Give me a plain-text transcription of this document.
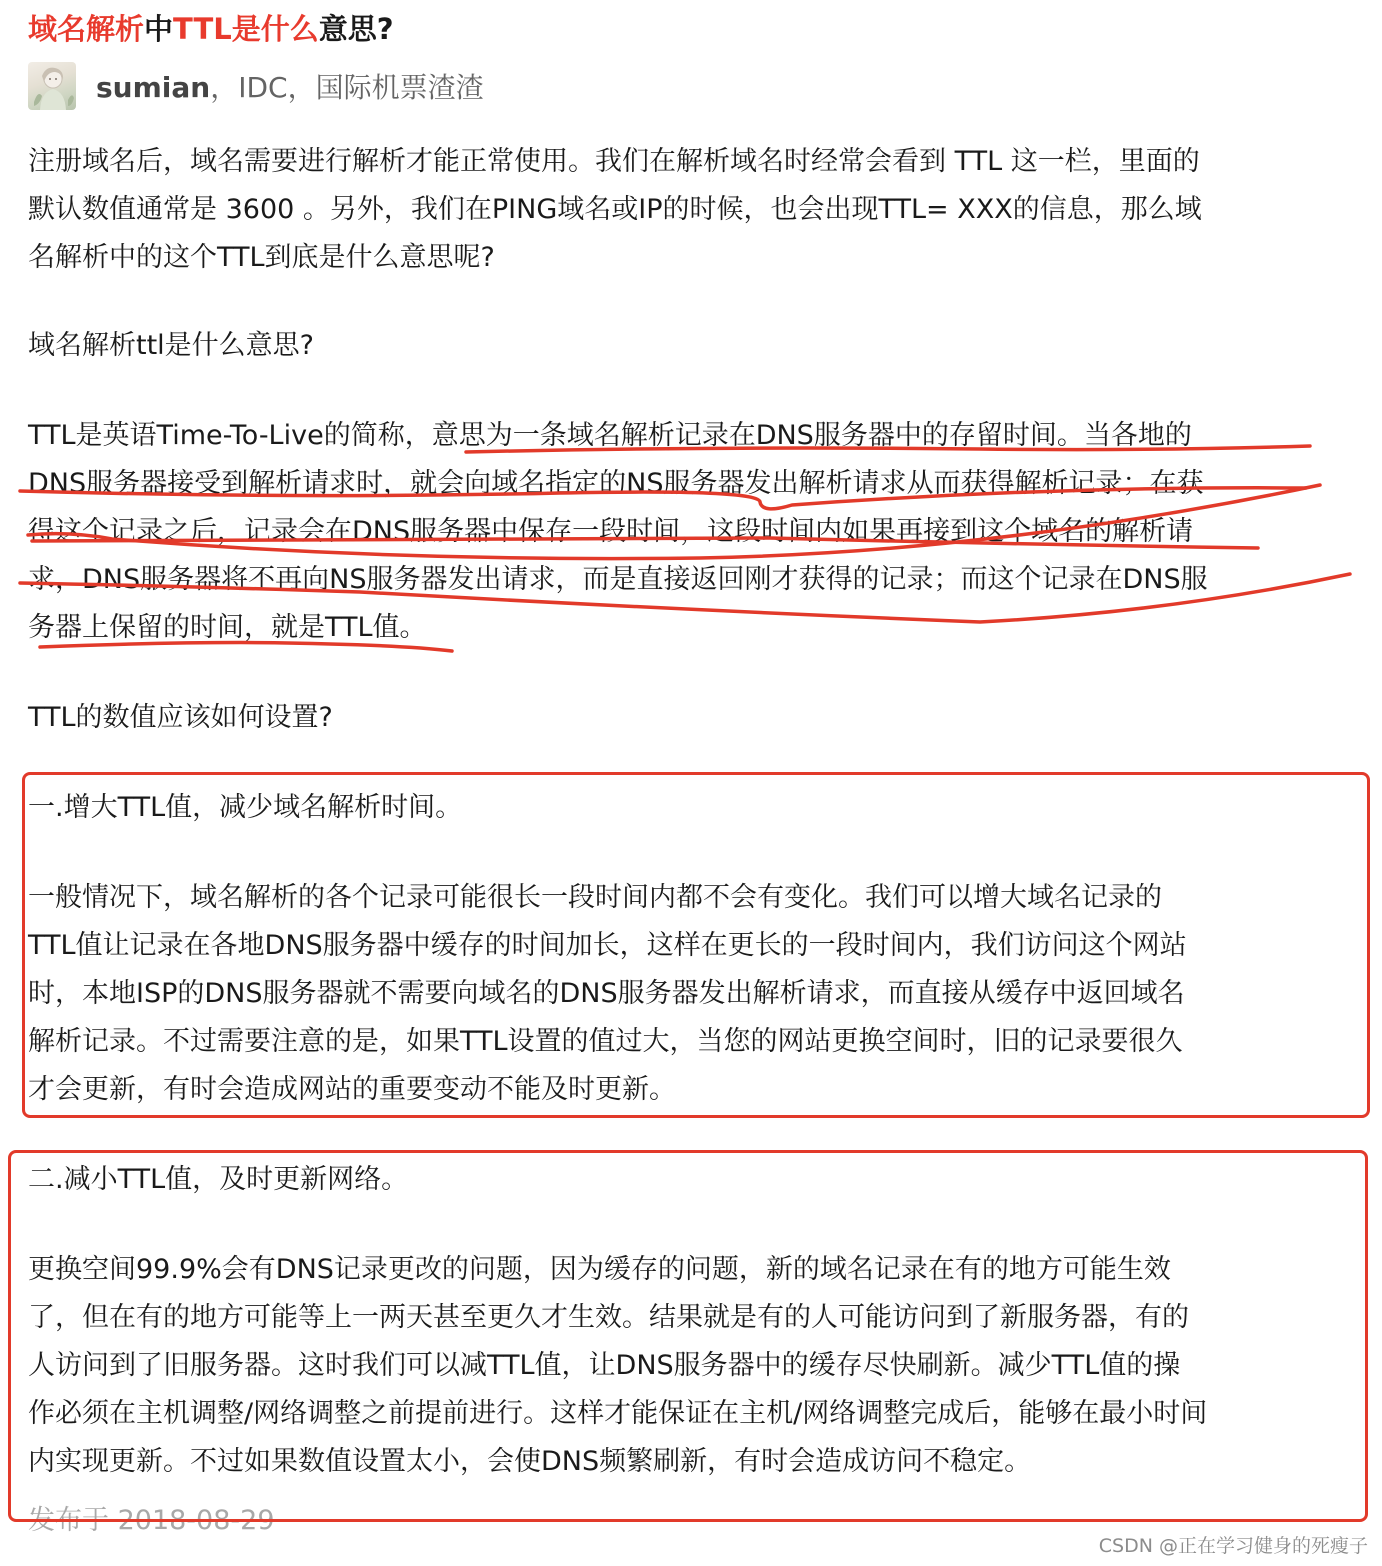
域名解析中TTL是什么意思?
sumian，IDC，国际机票渣渣

注册域名后，域名需要进行解析才能正常使用。我们在解析域名时经常会看到 TTL 这一栏，里面的
默认数值通常是 3600 。另外，我们在PING域名或IP的时候，也会出现TTL= XXX的信息，那么域
名解析中的这个TTL到底是什么意思呢?

域名解析ttl是什么意思?

TTL是英语Time-To-Live的简称，意思为一条域名解析记录在DNS服务器中的存留时间。当各地的
DNS服务器接受到解析请求时，就会向域名指定的NS服务器发出解析请求从而获得解析记录；在获
得这个记录之后，记录会在DNS服务器中保存一段时间，这段时间内如果再接到这个域名的解析请
求，DNS服务器将不再向NS服务器发出请求，而是直接返回刚才获得的记录；而这个记录在DNS服
务器上保留的时间，就是TTL值。

TTL的数值应该如何设置?

一.增大TTL值，减少域名解析时间。

一般情况下，域名解析的各个记录可能很长一段时间内都不会有变化。我们可以增大域名记录的
TTL值让记录在各地DNS服务器中缓存的时间加长，这样在更长的一段时间内，我们访问这个网站
时，本地ISP的DNS服务器就不需要向域名的DNS服务器发出解析请求，而直接从缓存中返回域名
解析记录。不过需要注意的是，如果TTL设置的值过大，当您的网站更换空间时，旧的记录要很久
才会更新，有时会造成网站的重要变动不能及时更新。

二.减小TTL值，及时更新网络。

更换空间99.9%会有DNS记录更改的问题，因为缓存的问题，新的域名记录在有的地方可能生效
了，但在有的地方可能等上一两天甚至更久才生效。结果就是有的人可能访问到了新服务器，有的
人访问到了旧服务器。这时我们可以减TTL值，让DNS服务器中的缓存尽快刷新。减少TTL值的操
作必须在主机调整/网络调整之前提前进行。这样才能保证在主机/网络调整完成后，能够在最小时间
内实现更新。不过如果数值设置太小，会使DNS频繁刷新，有时会造成访问不稳定。

发布于 2018-08-29
CSDN @正在学习健身的死瘦子
